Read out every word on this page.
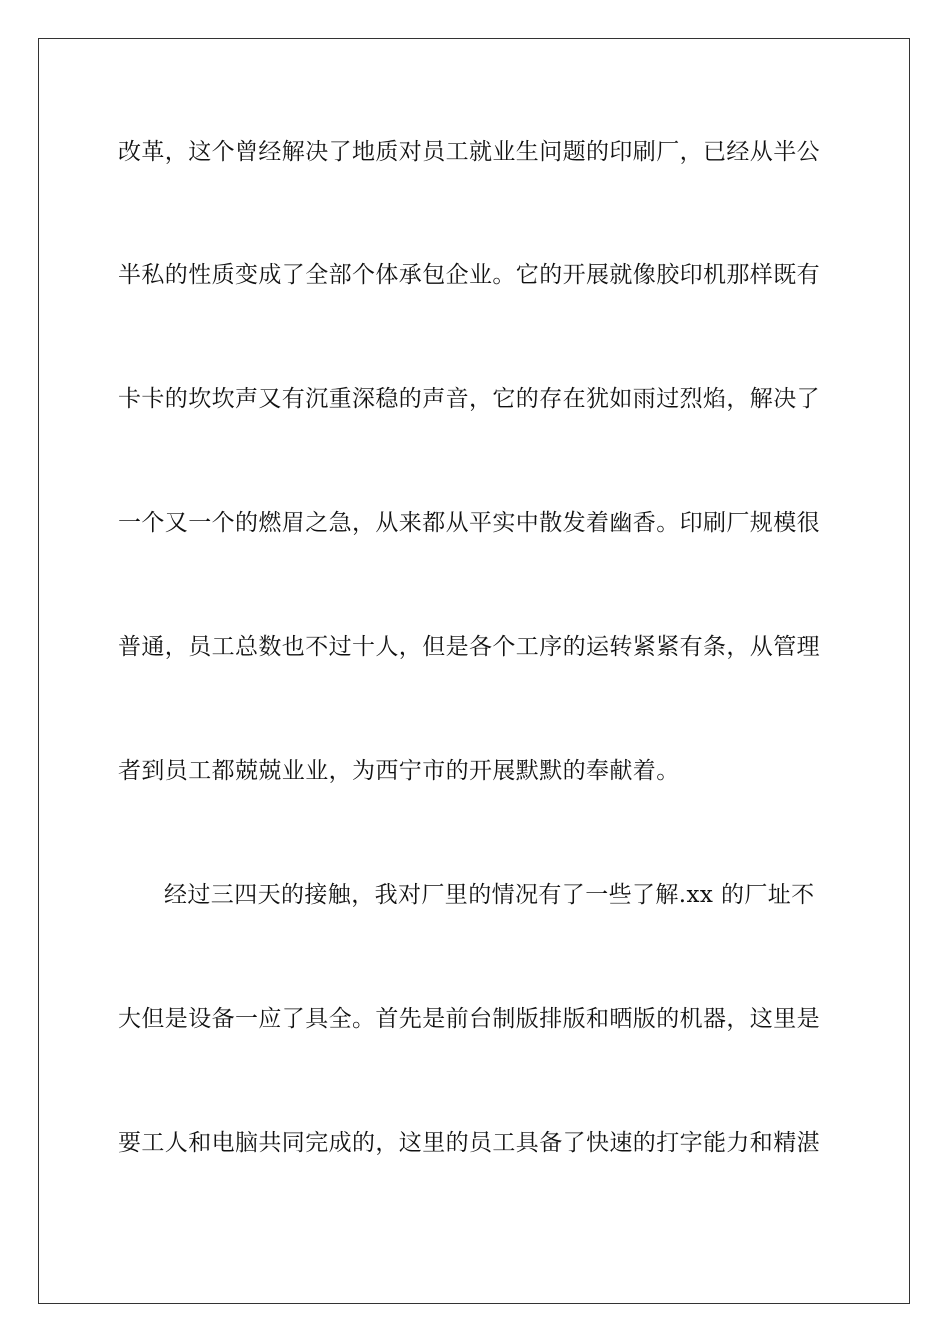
改革，这个曾经解决了地质对员工就业生问题的印刷厂，已经从半公
半私的性质变成了全部个体承包企业。它的开展就像胶印机那样既有
卡卡的坎坎声又有沉重深稳的声音，它的存在犹如雨过烈焰，解决了
一个又一个的燃眉之急，从来都从平实中散发着幽香。印刷厂规模很
普通，员工总数也不过十人，但是各个工序的运转紧紧有条，从管理
者到员工都兢兢业业，为西宁市的开展默默的奉献着。
经过三四天的接触，我对厂里的情况有了一些了解.xx 的厂址不
大但是设备一应了具全。首先是前台制版排版和晒版的机器，这里是
要工人和电脑共同完成的，这里的员工具备了快速的打字能力和精湛
